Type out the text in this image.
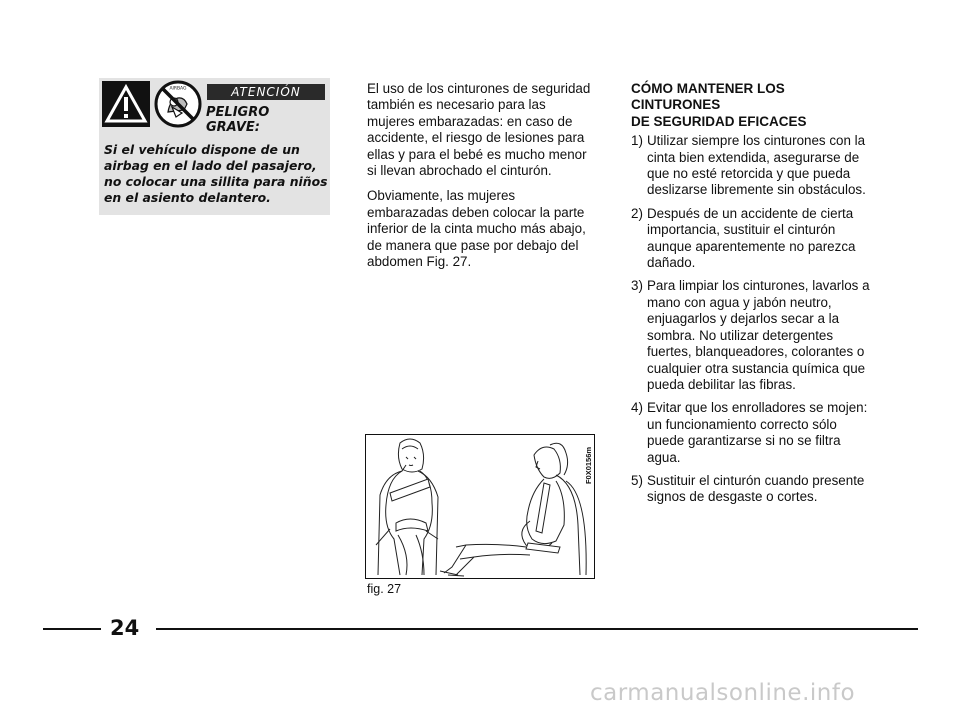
AIRBAG	ATENCIÓN
PELIGRO
GRAVE:
Si el vehículo dispone de un airbag en el lado del pasajero, no colocar una sillita para niños en el asiento delantero.

El uso de los cinturones de seguridad también es necesario para las mujeres embarazadas: en caso de accidente, el riesgo de lesiones para ellas y para el bebé es mucho menor si llevan abrochado el cinturón.

Obviamente, las mujeres embarazadas deben colocar la parte inferior de la cinta mucho más abajo, de manera que pase por debajo del abdomen Fig. 27.

CÓMO MANTENER LOS
CINTURONES
DE SEGURIDAD EFICACES
1) Utilizar siempre los cinturones con la cinta bien extendida, asegurarse de que no esté retorcida y que pueda deslizarse libremente sin obstáculos.
2) Después de un accidente de cierta importancia, sustituir el cinturón aunque aparentemente no parezca dañado.
3) Para limpiar los cinturones, lavarlos a mano con agua y jabón neutro, enjuagarlos y dejarlos secar a la sombra. No utilizar detergentes fuertes, blanqueadores, colorantes o cualquier otra sustancia química que pueda debilitar las fibras.
4) Evitar que los enrolladores se mojen: un funcionamiento correcto sólo puede garantizarse si no se filtra agua.
5) Sustituir el cinturón cuando presente signos de desgaste o cortes.
F0X0156m
fig. 27
24
carmanualsonline.info
